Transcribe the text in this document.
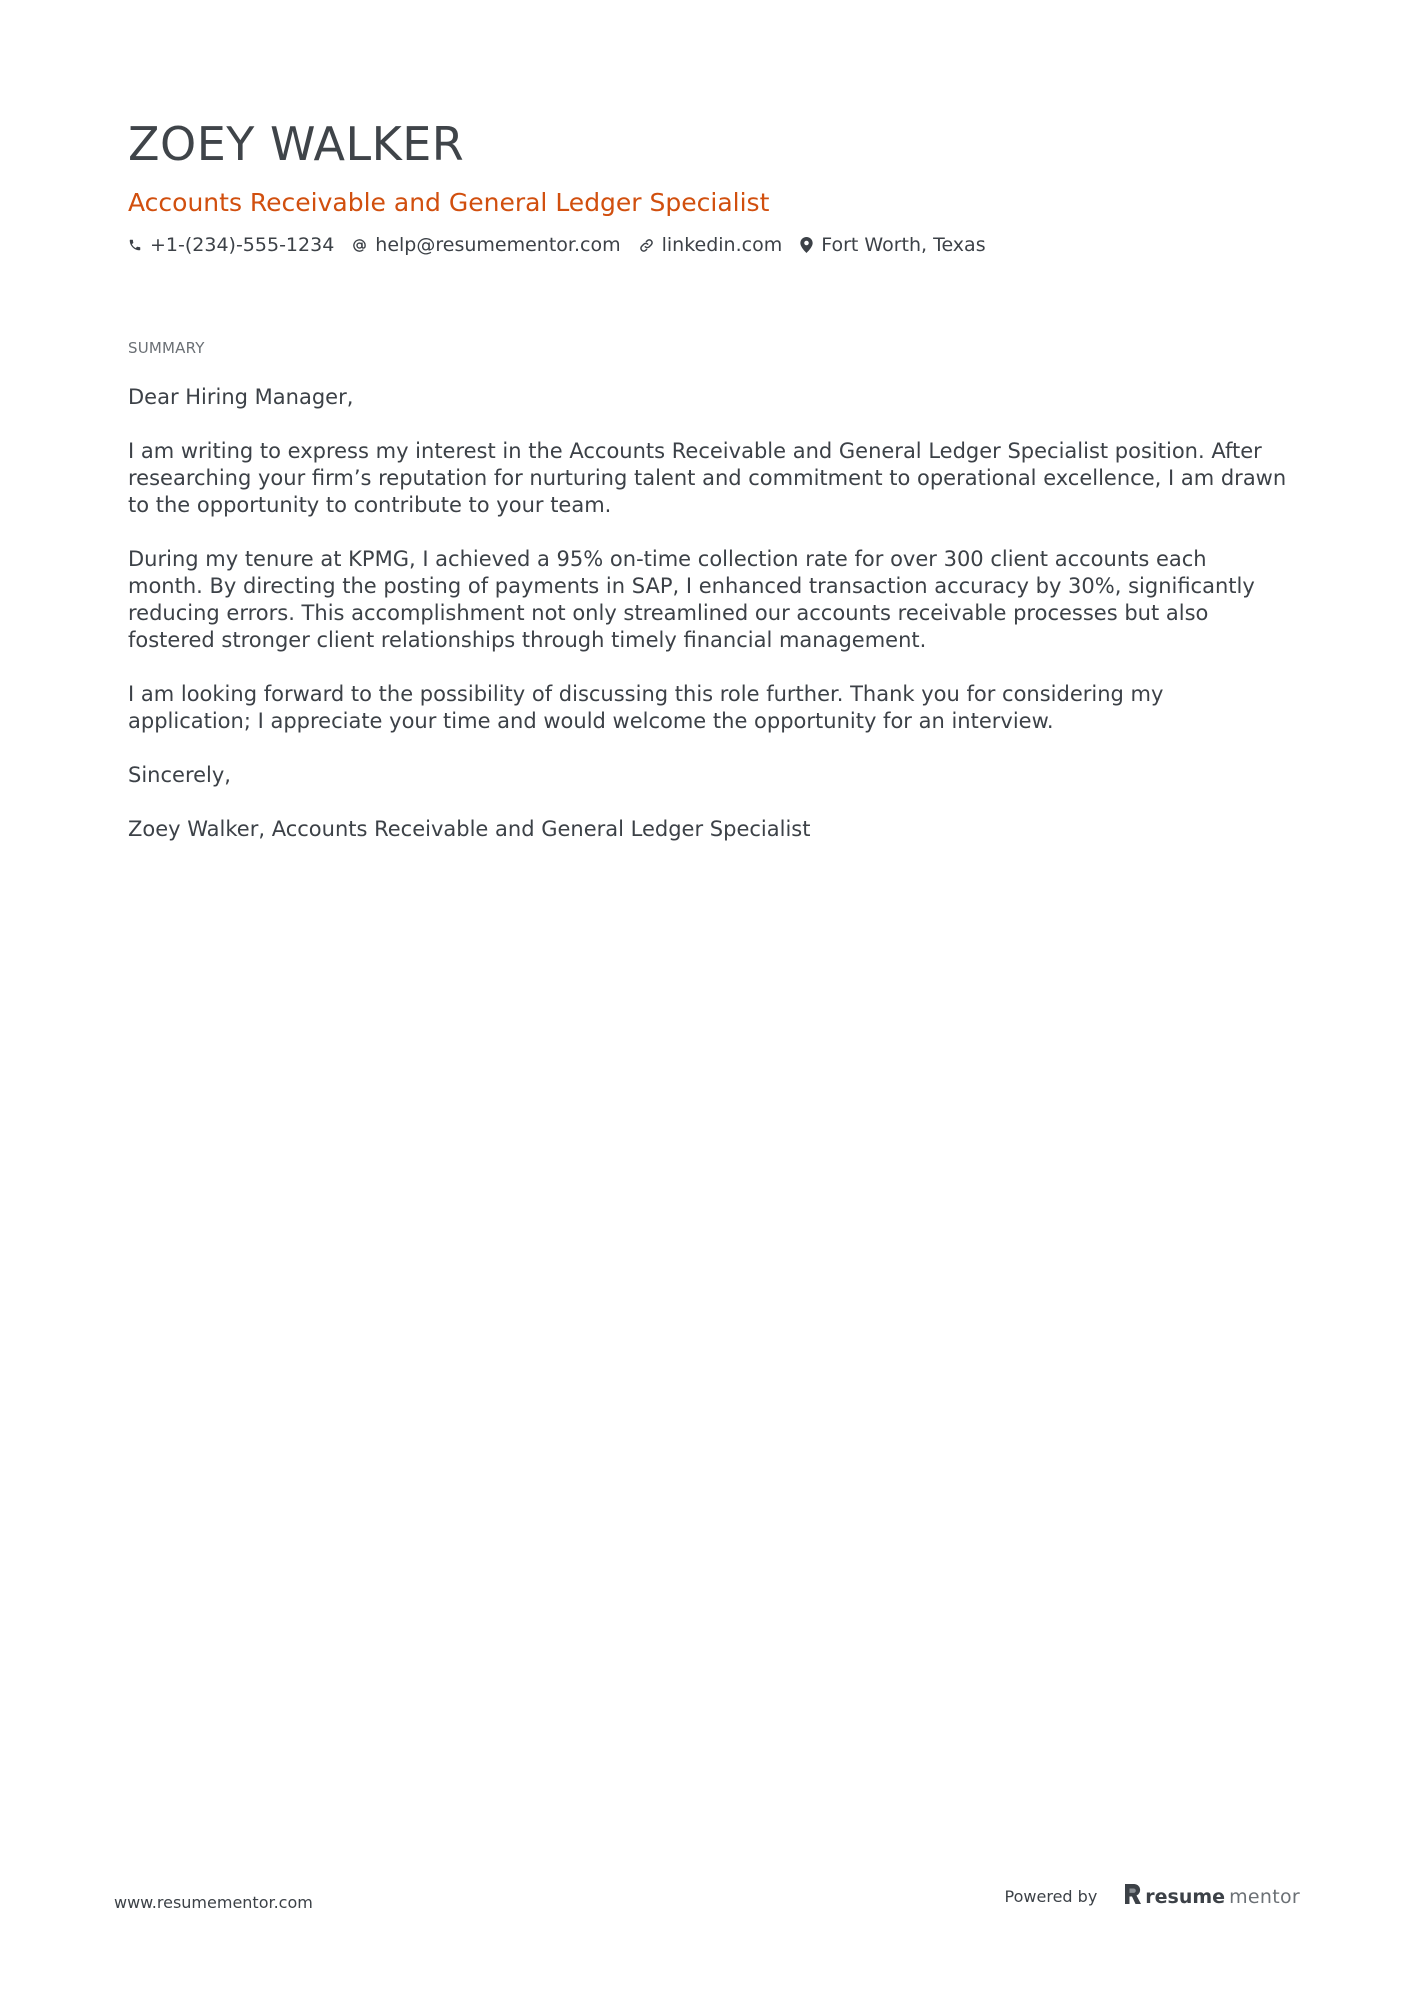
ZOEY WALKER
Accounts Receivable and General Ledger Specialist
+1-(234)-555-1234 help@resumementor.com linkedin.com Fort Worth, Texas
SUMMARY

Dear Hiring Manager,

I am writing to express my interest in the Accounts Receivable and General Ledger Specialist position. After researching your firm’s reputation for nurturing talent and commitment to operational excellence, I am drawn to the opportunity to contribute to your team.

During my tenure at KPMG, I achieved a 95% on-time collection rate for over 300 client accounts each month. By directing the posting of payments in SAP, I enhanced transaction accuracy by 30%, significantly reducing errors. This accomplishment not only streamlined our accounts receivable processes but also fostered stronger client relationships through timely financial management.

I am looking forward to the possibility of discussing this role further. Thank you for considering my application; I appreciate your time and would welcome the opportunity for an interview.

Sincerely,

Zoey Walker, Accounts Receivable and General Ledger Specialist

www.resumementor.com	Powered by	resume mentor
